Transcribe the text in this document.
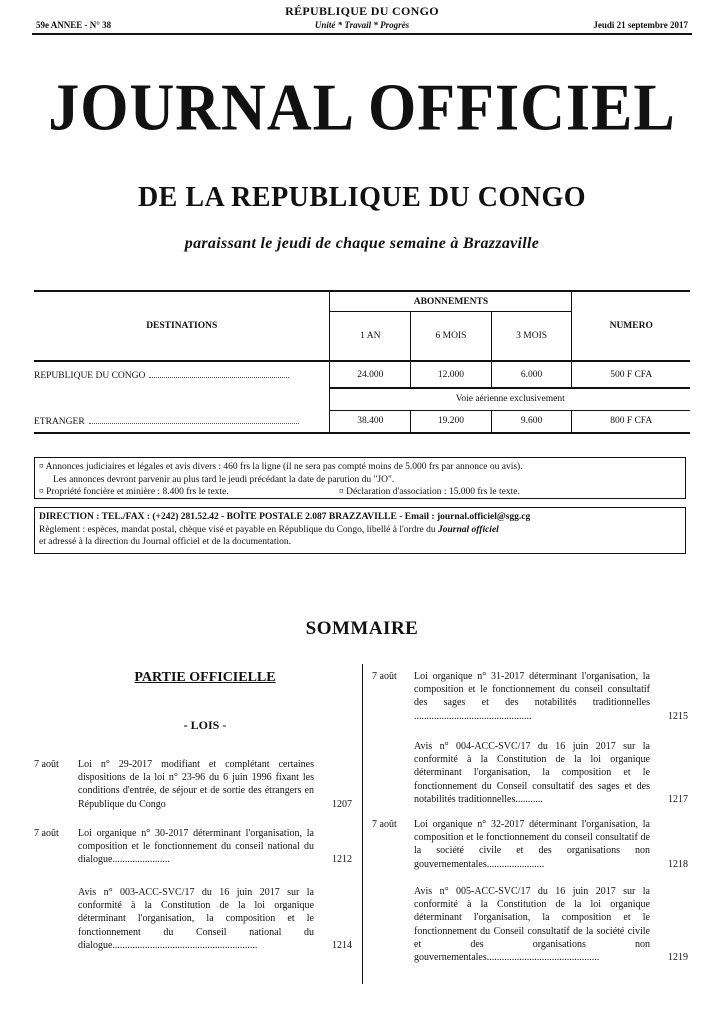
59e ANNEE - N° 38
RÉPUBLIQUE DU CONGO
Unité * Travail * Progrès	Jeudi 21 septembre 2017
JOURNAL OFFICIEL
DE LA REPUBLIQUE DU CONGO
paraissant le jeudi de chaque semaine à Brazzaville
DESTINATIONS	ABONNEMENTS			NUMERO
	1 AN	6 MOIS	3 MOIS	
REPUBLIQUE DU CONGO	24.000	12.000	6.000	500 F CFA
	Voie aérienne exclusivement			
ETRANGER	38.400	19.200	9.600	800 F CFA
¤ Annonces judiciaires et légales et avis divers : 460 frs la ligne (il ne sera pas compté moins de 5.000 frs par annonce ou avis).
Les annonces devront parvenir au plus tard le jeudi précédant la date de parution du "JO".
¤ Propriété foncière et minière : 8.400 frs le texte.	¤ Déclaration d'association : 15.000 frs le texte.
DIRECTION : TEL./FAX : (+242) 281.52.42 - BOÎTE POSTALE 2.087 BRAZZAVILLE - Email : journal.officiel@sgg.cg
Règlement : espèces, mandat postal, chèque visé et payable en République du Congo, libellé à l'ordre du Journal officiel
et adressé à la direction du Journal officiel et de la documentation.
SOMMAIRE
PARTIE OFFICIELLE
- LOIS -
7 août Loi n° 29-2017 modifiant et complétant certaines dispositions de la loi n° 23-96 du 6 juin 1996 fixant les conditions d'entrée, de séjour et de sortie des étrangers en République du Congo	1207
7 août Loi organique n° 30-2017 déterminant l'organisation, la composition et le fonctionnement du conseil national du dialogue.......................	1212
Avis n° 003-ACC-SVC/17 du 16 juin 2017 sur la conformité à la Constitution de la loi organique déterminant l'organisation, la composition et le fonctionnement du Conseil national du dialogue..........................................................	1214
7 août Loi organique n° 31-2017 déterminant l'organisation, la composition et le fonctionnement du conseil consultatif des sages et des notabilités traditionnelles ...............................................	1215
Avis n° 004-ACC-SVC/17 du 16 juin 2017 sur la conformité à la Constitution de la loi organique déterminant l'organisation, la composition et le fonctionnement du Conseil consultatif des sages et des notabilités traditionnelles...........	1217
7 août Loi organique n° 32-2017 déterminant l'organisation, la composition et le fonctionnement du conseil consultatif de la société civile et des organisations non gouvernementales.......................	1218
Avis n° 005-ACC-SVC/17 du 16 juin 2017 sur la conformité à la Constitution de la loi organique déterminant l'organisation, la composition et le fonctionnement du Conseil consultatif de la société civile et des organisations non gouvernementales.............................................	1219
